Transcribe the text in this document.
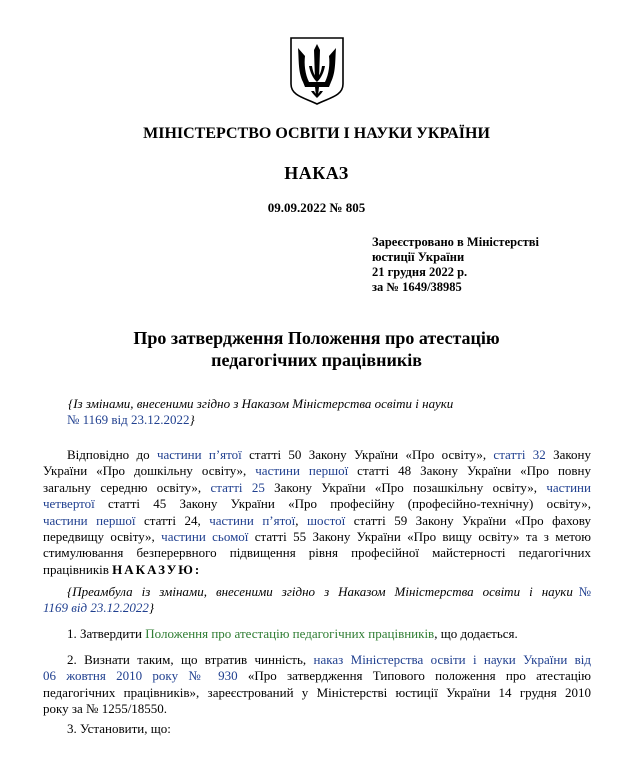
МІНІСТЕРСТВО ОСВІТИ І НАУКИ УКРАЇНИ
НАКАЗ
09.09.2022 № 805
Зареєстровано в Міністерстві
юстиції України
21 грудня 2022 р.
за № 1649/38985
Про затвердження Положення про атестацію
педагогічних працівників
{Із змінами, внесеними згідно з Наказом Міністерства освіти і науки
№ 1169 від 23.12.2022}
Відповідно до частини п’ятої статті 50 Закону України «Про освіту», статті 32 Закону
України «Про дошкільну освіту», частини першої статті 48 Закону України «Про повну
загальну середню освіту», статті 25 Закону України «Про позашкільну освіту», частини
четвертої статті 45 Закону України «Про професійну (професійно-технічну) освіту»,
частини першої статті 24, частини п’ятої, шостої статті 59 Закону України «Про фахову
передвищу освіту», частини сьомої статті 55 Закону України «Про вищу освіту» та з метою
стимулювання безперервного підвищення рівня професійної майстерності педагогічних
працівників НАКАЗУЮ:
{Преамбула із змінами, внесеними згідно з Наказом Міністерства освіти і науки№
1169 від 23.12.2022}
1. Затвердити Положення про атестацію педагогічних працівників, що додається.
2. Визнати таким, що втратив чинність, наказ Міністерства освіти і науки України від
06 жовтня 2010 року № 930 «Про затвердження Типового положення про атестацію
педагогічних працівників», зареєстрований у Міністерстві юстиції України 14 грудня 2010
року за № 1255/18550.
3. Установити, що:
